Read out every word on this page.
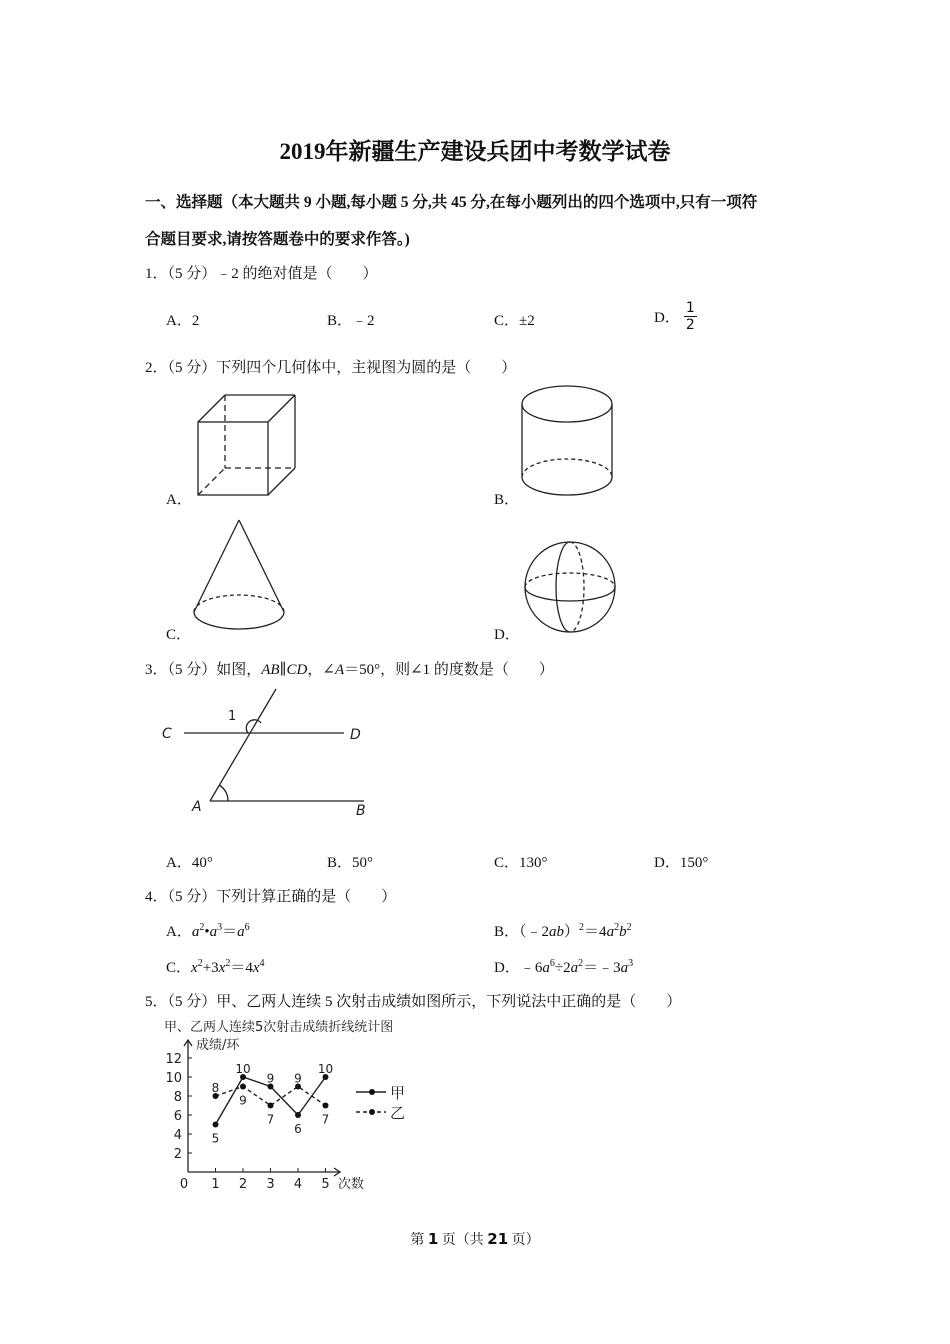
2019年新疆生产建设兵团中考数学试卷
一、选择题（本大题共 9 小题,每小题 5 分,共 45 分,在每小题列出的四个选项中,只有一项符
合题目要求,请按答题卷中的要求作答。)
1．（5 分）﹣2 的绝对值是（　　）
A．2	B．﹣2	C．±2	D． $\frac{1}{2}$
2．（5 分）下列四个几何体中，主视图为圆的是（　　）
A．	B．
C．	D．
3．（5 分）如图，AB∥CD，∠A＝50°，则∠1 的度数是（　　）
C	D
A	B
1
A．40°	B．50°	C．130°	D．150°
4．（5 分）下列计算正确的是（　　）
A．$a^2•a^3=a^6$	B．$(﹣2ab)^2=4a^2b^2$
C．$x^2+3x^2=4x^4$	D．$﹣6a^6\div 2a^2=﹣3a^3$
5．（5 分）甲、乙两人连续 5 次射击成绩如图所示，下列说法中正确的是（　　）
甲、乙两人连续5次射击成绩折线统计图
成绩/环
次数
2
4
6
8
10
12
0 1 2 3 4 5
5
10
9
6
10
8
9
7
9
7
甲
乙
第 1 页（共 21 页）
